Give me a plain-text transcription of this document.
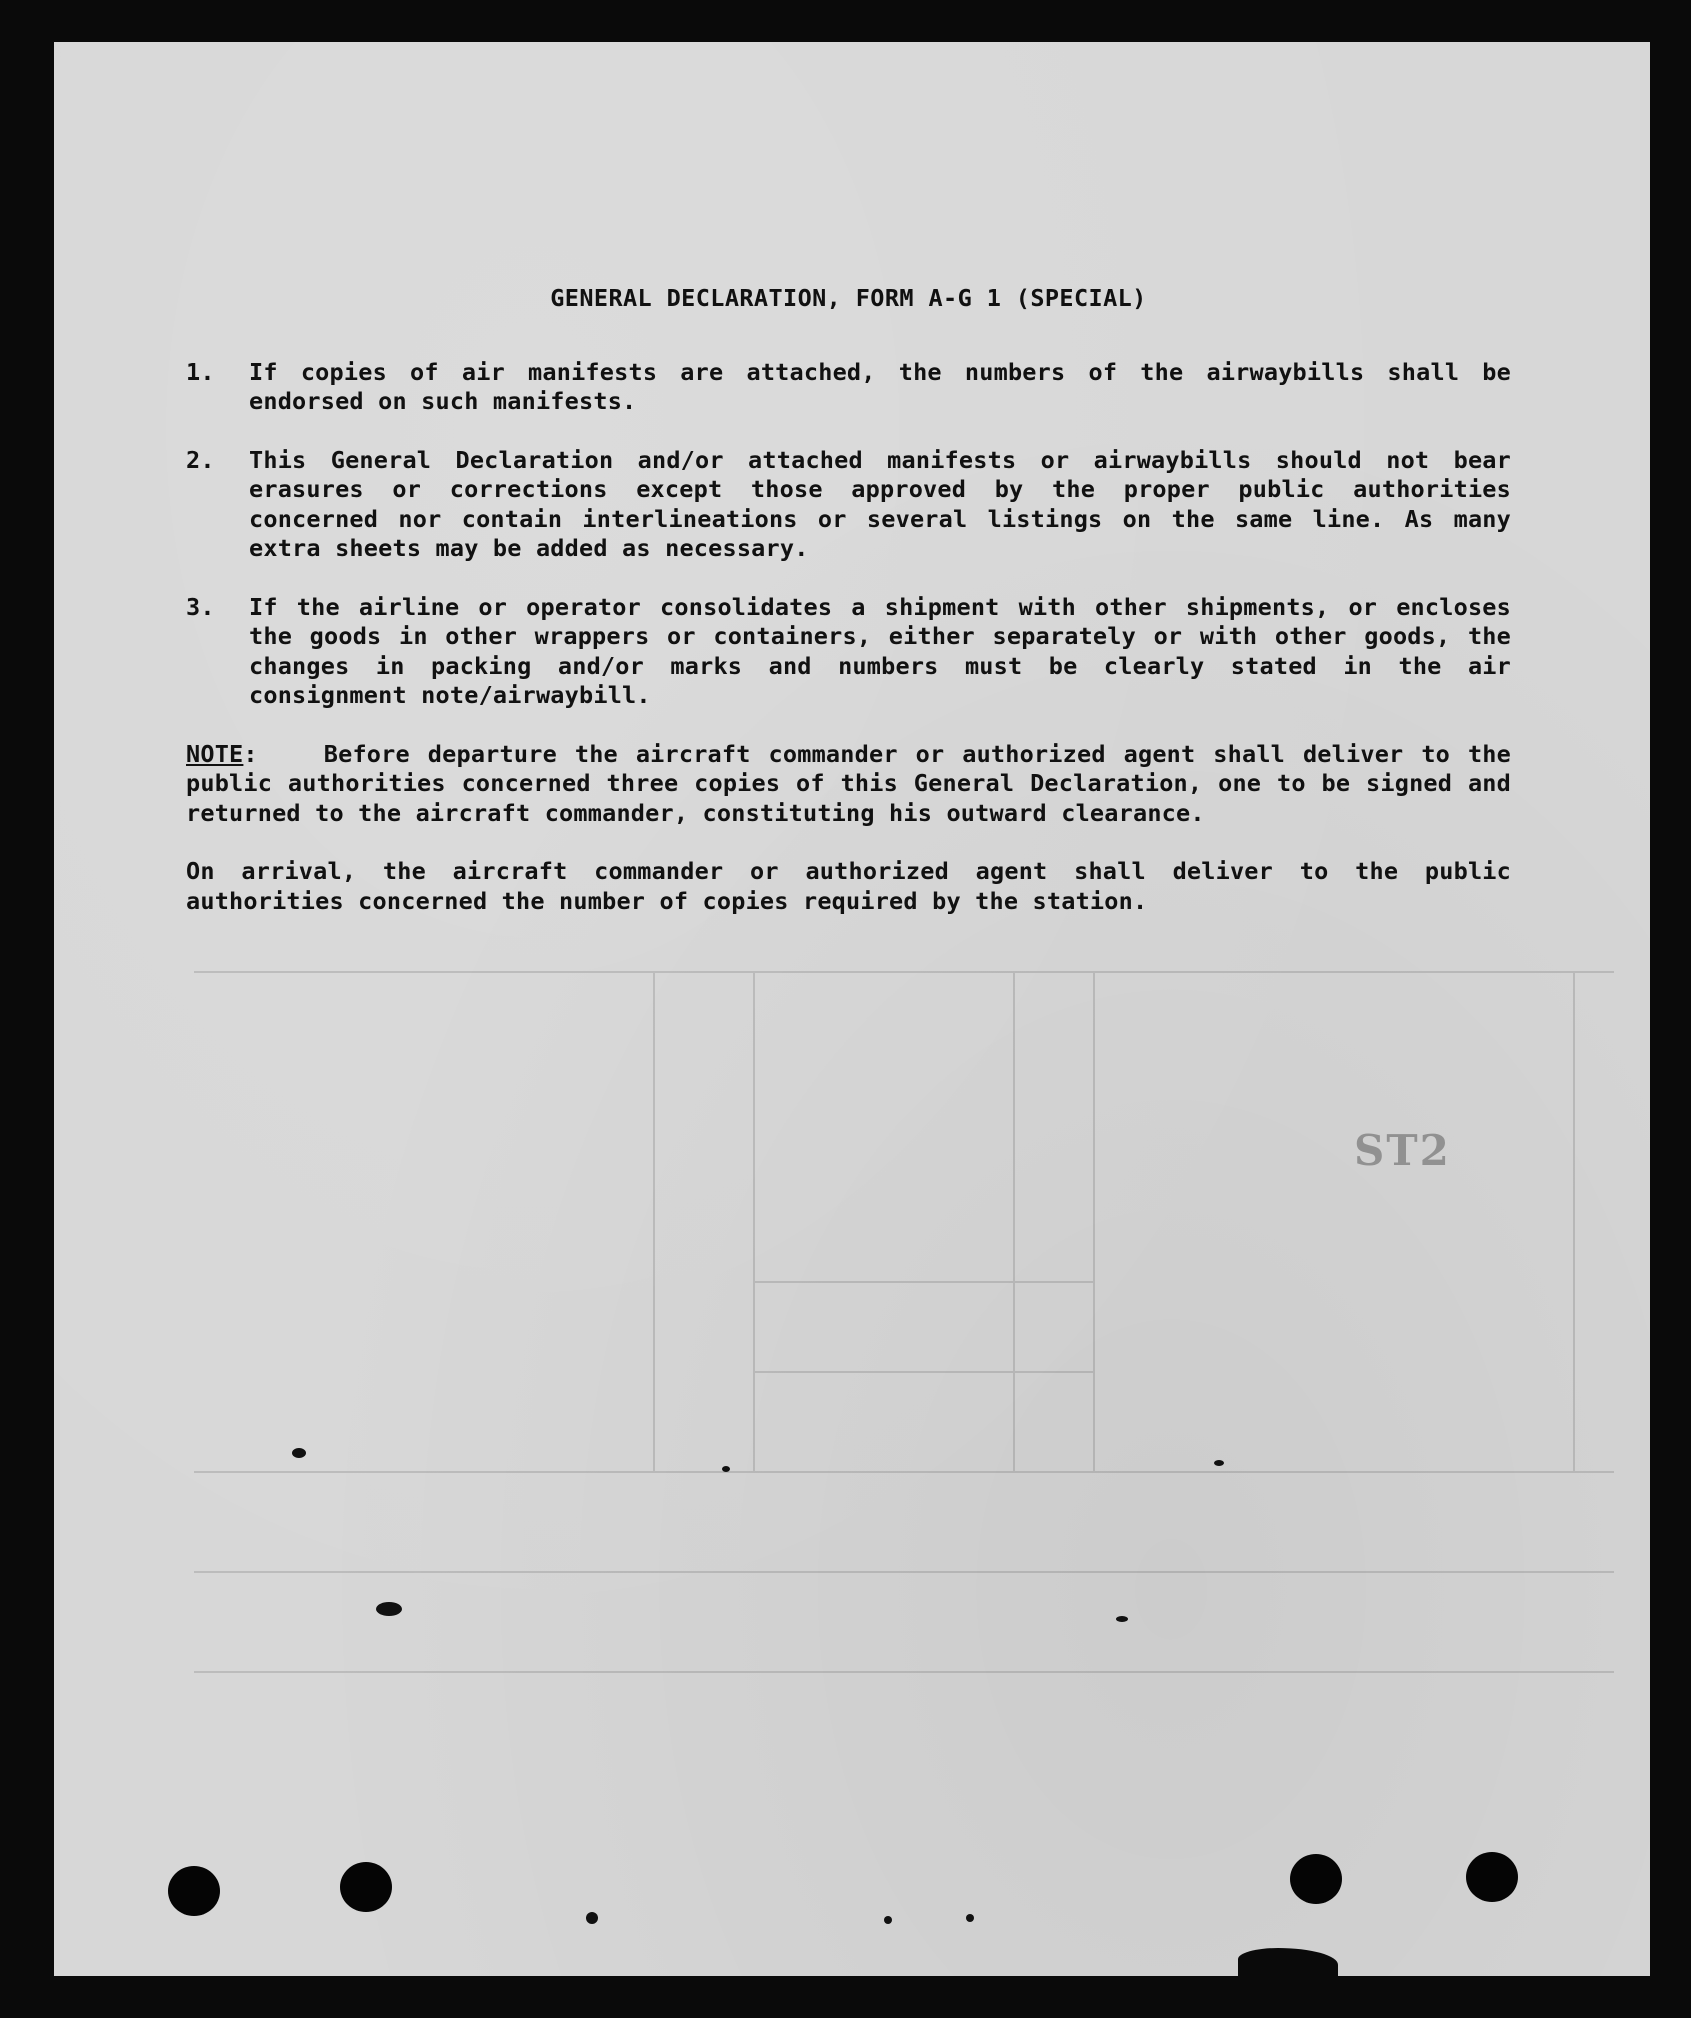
ST2
GENERAL DECLARATION, FORM A-G 1 (SPECIAL)
1.	If copies of air manifests are attached, the numbers of the airwaybills shall be endorsed on such manifests.
2.	This General Declaration and/or attached manifests or airwaybills should not bear erasures or corrections except those approved by the proper public authorities concerned nor contain interlineations or several listings on the same line. As many extra sheets may be added as necessary.
3.	If the airline or operator consolidates a shipment with other shipments, or encloses the goods in other wrappers or containers, either separately or with other goods, the changes in packing and/or marks and numbers must be clearly stated in the air consignment note/airwaybill.

NOTE:	Before departure the aircraft commander or authorized agent shall deliver to the public authorities concerned three copies of this General Declaration, one to be signed and returned to the aircraft commander, constituting his outward clearance.

On arrival, the aircraft commander or authorized agent shall deliver to the public authorities concerned the number of copies required by the station.
